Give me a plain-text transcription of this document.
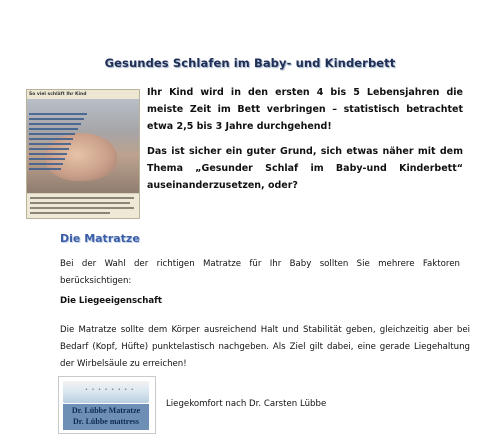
Gesundes Schlafen im Baby- und Kinderbett
So viel schläft Ihr Kind	Ihr Kind wird in den ersten 4 bis 5 Lebensjahren die meiste Zeit im Bett verbringen – statistisch betrachtet etwa 2,5 bis 3 Jahre durchgehend!
Das ist sicher ein guter Grund, sich etwas näher mit dem Thema „Gesunder Schlaf im Baby-und Kinderbett“ auseinanderzusetzen, oder?
Die Matratze
Bei der Wahl der richtigen Matratze für Ihr Baby sollten Sie mehrere Faktoren berücksichtigen:
Die Liegeeigenschaft
Die Matratze sollte dem Körper ausreichend Halt und Stabilität geben, gleichzeitig aber bei Bedarf (Kopf, Hüfte) punktelastisch nachgeben. Als Ziel gilt dabei, eine gerade Liegehaltung der Wirbelsäule zu erreichen!
• • • • • • • •
Dr. Lübbe Matratze
Dr. Lübbe mattress
Liegekomfort nach Dr. Carsten Lübbe
